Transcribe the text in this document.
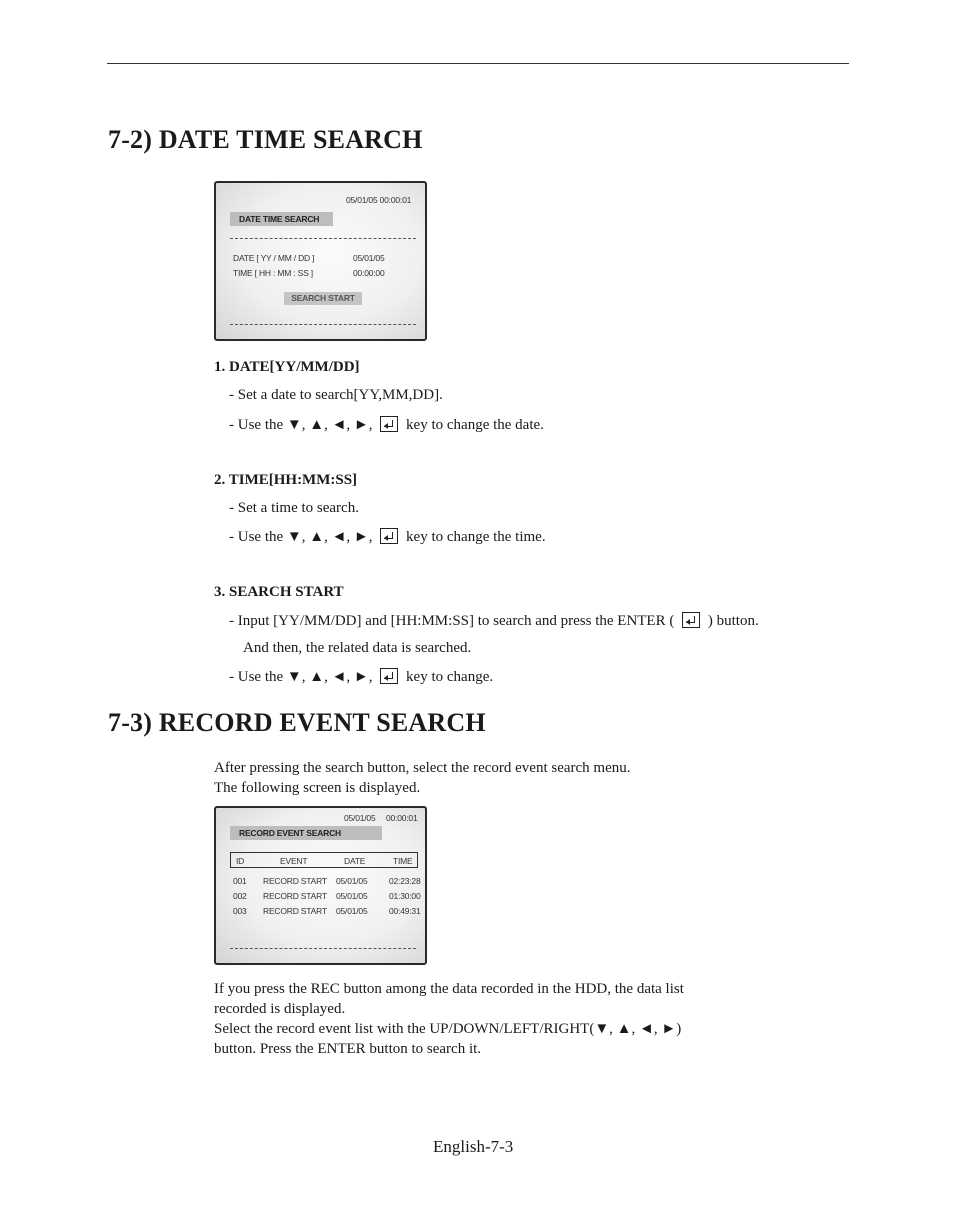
7-2) DATE TIME SEARCH
05/01/05 00:00:01
DATE TIME SEARCH
DATE [ YY / MM / DD ]	05/01/05
TIME [ HH : MM : SS ]	00:00:00
SEARCH START
1. DATE[YY/MM/DD]
- Set a date to search[YY,MM,DD].
- Use the ▼, ▲, ◄, ►,
key to change the date.
2. TIME[HH:MM:SS]
- Set a time to search.
- Use the ▼, ▲, ◄, ►,
key to change the time.
3. SEARCH START
- Input [YY/MM/DD] and [HH:MM:SS] to search and press the ENTER (
) button.
And then, the related data is searched.
- Use the ▼, ▲, ◄, ►,
key to change.
7-3) RECORD EVENT SEARCH
After pressing the search button, select the record event search menu.
The following screen is displayed.
05/01/05 00:00:01
RECORD EVENT SEARCH
ID	EVENT	DATE	TIME
001 RECORD START 05/01/05	02:23:28
002 RECORD START 05/01/05	01:30:00
003 RECORD START 05/01/05	00:49:31
If you press the REC button among the data recorded in the HDD, the data list
recorded is displayed.
Select the record event list with the UP/DOWN/LEFT/RIGHT(▼, ▲, ◄, ►)
button. Press the ENTER button to search it.
English-7-3
